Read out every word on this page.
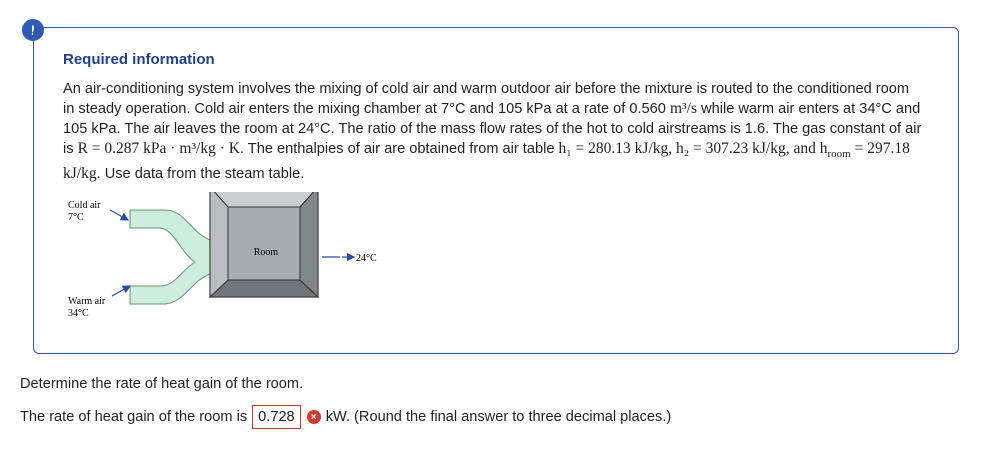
!
Required information
An air-conditioning system involves the mixing of cold air and warm outdoor air before the mixture is routed to the conditioned room in steady operation. Cold air enters the mixing chamber at 7°C and 105 kPa at a rate of 0.560 m³/s while warm air enters at 34°C and 105 kPa. The air leaves the room at 24°C. The ratio of the mass flow rates of the hot to cold airstreams is 1.6. The gas constant of air is R = 0.287 kPa · m³/kg · K. The enthalpies of air are obtained from air table h₁ = 280.13 kJ/kg, h₂ = 307.23 kJ/kg, and $h_{room} = 297.18$ kJ/kg. Use data from the steam table.
Cold air
7°C
Warm air
34°C
Room
24°C
Determine the rate of heat gain of the room.
The rate of heat gain of the room is 0.728	× kW. (Round the final answer to three decimal places.)
